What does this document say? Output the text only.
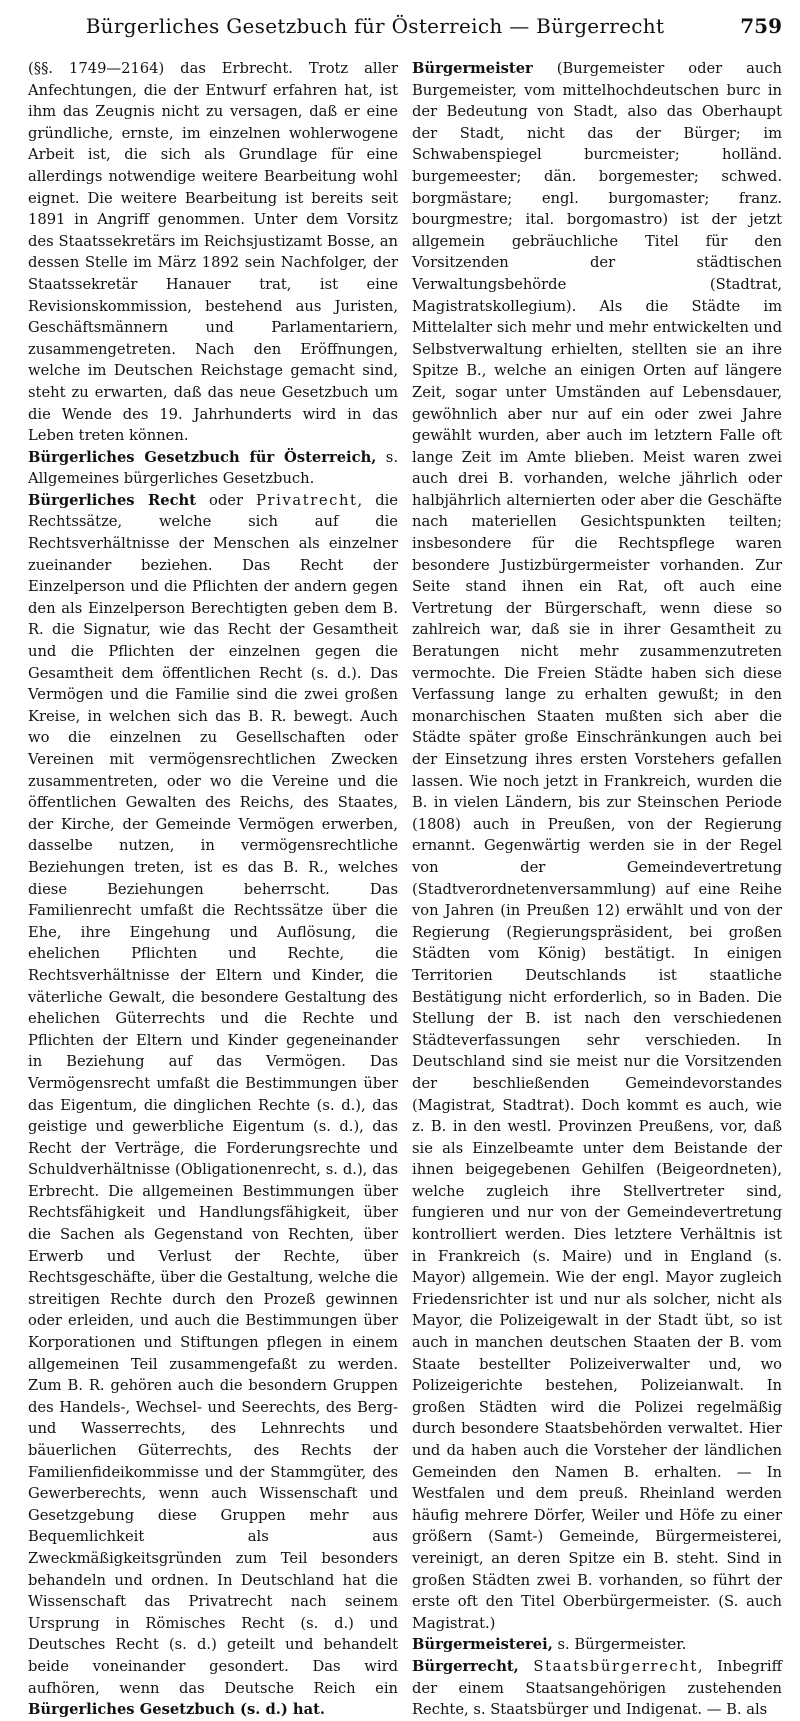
Bürgerliches Gesetzbuch für Österreich — Bürgerrecht	759

(§§. 1749—2164) das Erbrecht. Trotz aller Anfechtungen, die der Entwurf erfahren hat, ist ihm das Zeugnis nicht zu versagen, daß er eine gründliche, ernste, im einzelnen wohlerwogene Arbeit ist, die sich als Grundlage für eine allerdings notwendige weitere Bearbeitung wohl eignet. Die weitere Bearbeitung ist bereits seit 1891 in Angriff genommen. Unter dem Vorsitz des Staatssekretärs im Reichsjustizamt Bosse, an dessen Stelle im März 1892 sein Nachfolger, der Staatssekretär Hanauer trat, ist eine Revisionskommission, bestehend aus Juristen, Geschäftsmännern und Parlamentariern, zusammengetreten. Nach den Eröffnungen, welche im Deutschen Reichstage gemacht sind, steht zu erwarten, daß das neue Gesetzbuch um die Wende des 19. Jahrhunderts wird in das Leben treten können.

Bürgerliches Gesetzbuch für Österreich, s. Allgemeines bürgerliches Gesetzbuch.

Bürgerliches Recht oder Privatrecht, die Rechtssätze, welche sich auf die Rechtsverhältnisse der Menschen als einzelner zueinander beziehen. Das Recht der Einzelperson und die Pflichten der andern gegen den als Einzelperson Berechtigten geben dem B. R. die Signatur, wie das Recht der Gesamtheit und die Pflichten der einzelnen gegen die Gesamtheit dem öffentlichen Recht (s. d.). Das Vermögen und die Familie sind die zwei großen Kreise, in welchen sich das B. R. bewegt. Auch wo die einzelnen zu Gesellschaften oder Vereinen mit vermögensrechtlichen Zwecken zusammentreten, oder wo die Vereine und die öffentlichen Gewalten des Reichs, des Staates, der Kirche, der Gemeinde Vermögen erwerben, dasselbe nutzen, in vermögensrechtliche Beziehungen treten, ist es das B. R., welches diese Beziehungen beherrscht. Das Familienrecht umfaßt die Rechtssätze über die Ehe, ihre Eingehung und Auflösung, die ehelichen Pflichten und Rechte, die Rechtsverhältnisse der Eltern und Kinder, die väterliche Gewalt, die besondere Gestaltung des ehelichen Güterrechts und die Rechte und Pflichten der Eltern und Kinder gegeneinander in Beziehung auf das Vermögen. Das Vermögensrecht umfaßt die Bestimmungen über das Eigentum, die dinglichen Rechte (s. d.), das geistige und gewerbliche Eigentum (s. d.), das Recht der Verträge, die Forderungsrechte und Schuldverhältnisse (Obligationenrecht, s. d.), das Erbrecht. Die allgemeinen Bestimmungen über Rechtsfähigkeit und Handlungsfähigkeit, über die Sachen als Gegenstand von Rechten, über Erwerb und Verlust der Rechte, über Rechtsgeschäfte, über die Gestaltung, welche die streitigen Rechte durch den Prozeß gewinnen oder erleiden, und auch die Bestimmungen über Korporationen und Stiftungen pflegen in einem allgemeinen Teil zusammengefaßt zu werden. Zum B. R. gehören auch die besondern Gruppen des Handels-, Wechsel- und Seerechts, des Berg- und Wasserrechts, des Lehnrechts und bäuerlichen Güterrechts, des Rechts der Familienfideikommisse und der Stammgüter, des Gewerberechts, wenn auch Wissenschaft und Gesetzgebung diese Gruppen mehr aus Bequemlichkeit als aus Zweckmäßigkeitsgründen zum Teil besonders behandeln und ordnen. In Deutschland hat die Wissenschaft das Privatrecht nach seinem Ursprung in Römisches Recht (s. d.) und Deutsches Recht (s. d.) geteilt und behandelt beide voneinander gesondert. Das wird aufhören, wenn das Deutsche Reich ein Bürgerliches Gesetzbuch (s. d.) hat.

Bürgermeister (Burgemeister oder auch Burgemeister, vom mittelhochdeutschen burc in der Bedeutung von Stadt, also das Oberhaupt der Stadt, nicht das der Bürger; im Schwabenspiegel burcmeister; holländ. burgemeester; dän. borgemester; schwed. borgmästare; engl. burgomaster; franz. bourgmestre; ital. borgomastro) ist der jetzt allgemein gebräuchliche Titel für den Vorsitzenden der städtischen Verwaltungsbehörde (Stadtrat, Magistratskollegium). Als die Städte im Mittelalter sich mehr und mehr entwickelten und Selbstverwaltung erhielten, stellten sie an ihre Spitze B., welche an einigen Orten auf längere Zeit, sogar unter Umständen auf Lebensdauer, gewöhnlich aber nur auf ein oder zwei Jahre gewählt wurden, aber auch im letztern Falle oft lange Zeit im Amte blieben. Meist waren zwei auch drei B. vorhanden, welche jährlich oder halbjährlich alternierten oder aber die Geschäfte nach materiellen Gesichtspunkten teilten; insbesondere für die Rechtspflege waren besondere Justizbürgermeister vorhanden. Zur Seite stand ihnen ein Rat, oft auch eine Vertretung der Bürgerschaft, wenn diese so zahlreich war, daß sie in ihrer Gesamtheit zu Beratungen nicht mehr zusammenzutreten vermochte. Die Freien Städte haben sich diese Verfassung lange zu erhalten gewußt; in den monarchischen Staaten mußten sich aber die Städte später große Einschränkungen auch bei der Einsetzung ihres ersten Vorstehers gefallen lassen. Wie noch jetzt in Frankreich, wurden die B. in vielen Ländern, bis zur Steinschen Periode (1808) auch in Preußen, von der Regierung ernannt. Gegenwärtig werden sie in der Regel von der Gemeindevertretung (Stadtverordnetenversammlung) auf eine Reihe von Jahren (in Preußen 12) erwählt und von der Regierung (Regierungspräsident, bei großen Städten vom König) bestätigt. In einigen Territorien Deutschlands ist staatliche Bestätigung nicht erforderlich, so in Baden. Die Stellung der B. ist nach den verschiedenen Städteverfassungen sehr verschieden. In Deutschland sind sie meist nur die Vorsitzenden der beschließenden Gemeindevorstandes (Magistrat, Stadtrat). Doch kommt es auch, wie z. B. in den westl. Provinzen Preußens, vor, daß sie als Einzelbeamte unter dem Beistande der ihnen beigegebenen Gehilfen (Beigeordneten), welche zugleich ihre Stellvertreter sind, fungieren und nur von der Gemeindevertretung kontrolliert werden. Dies letztere Verhältnis ist in Frankreich (s. Maire) und in England (s. Mayor) allgemein. Wie der engl. Mayor zugleich Friedensrichter ist und nur als solcher, nicht als Mayor, die Polizeigewalt in der Stadt übt, so ist auch in manchen deutschen Staaten der B. vom Staate bestellter Polizeiverwalter und, wo Polizeigerichte bestehen, Polizeianwalt. In großen Städten wird die Polizei regelmäßig durch besondere Staatsbehörden verwaltet. Hier und da haben auch die Vorsteher der ländlichen Gemeinden den Namen B. erhalten. — In Westfalen und dem preuß. Rheinland werden häufig mehrere Dörfer, Weiler und Höfe zu einer größern (Samt-) Gemeinde, Bürgermeisterei, vereinigt, an deren Spitze ein B. steht. Sind in großen Städten zwei B. vorhanden, so führt der erste oft den Titel Oberbürgermeister. (S. auch Magistrat.)

Bürgermeisterei, s. Bürgermeister.

Bürgerrecht, Staatsbürgerrecht, Inbegriff der einem Staatsangehörigen zustehenden Rechte, s. Staatsbürger und Indigenat. — B. als
